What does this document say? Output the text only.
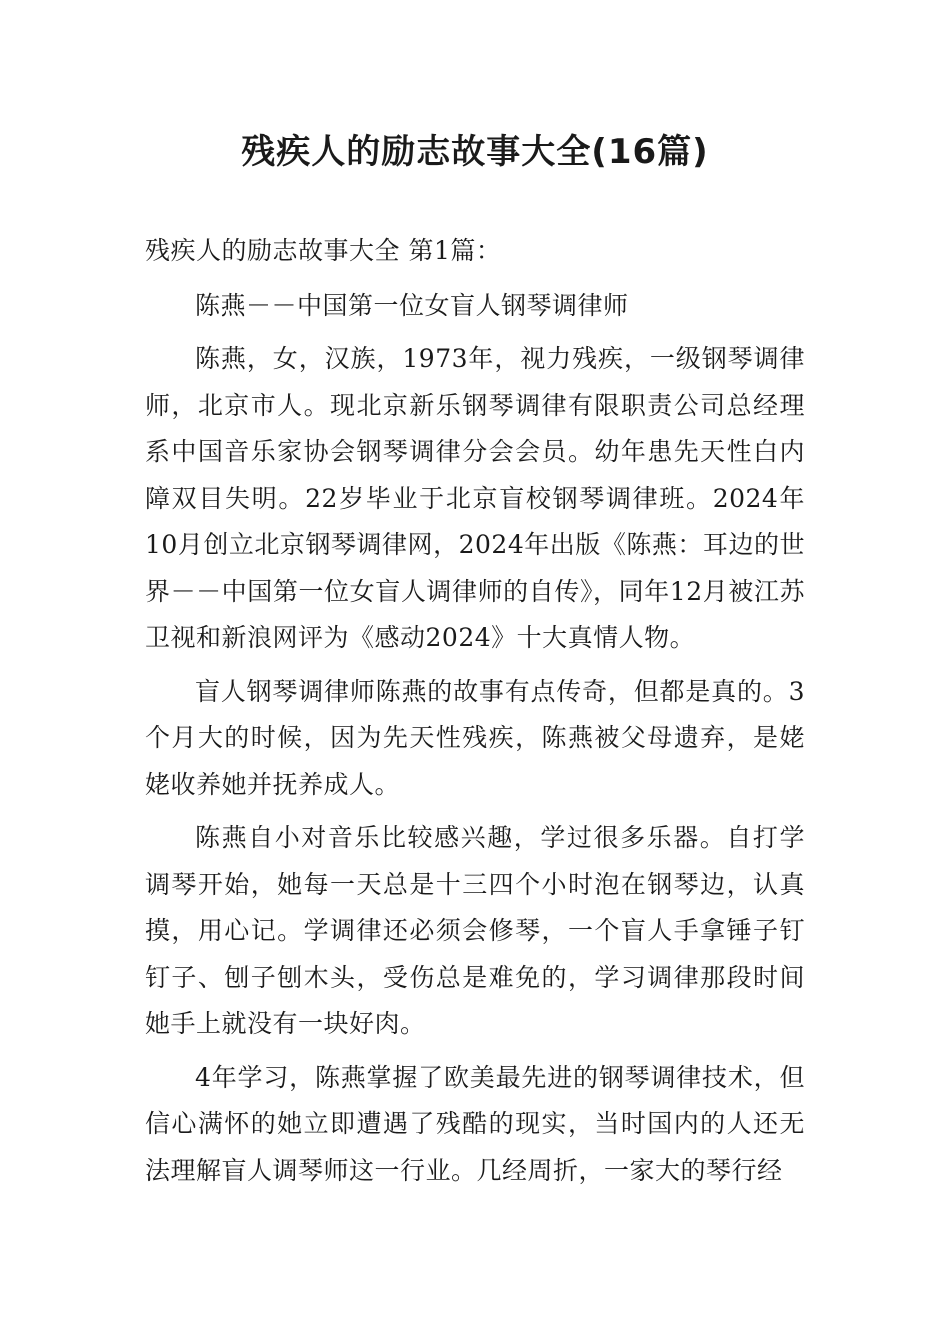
残疾人的励志故事大全(16篇)

残疾人的励志故事大全 第1篇：

陈燕－－中国第一位女盲人钢琴调律师

陈燕，女，汉族，1973年，视力残疾，一级钢琴调律师，北京市人。现北京新乐钢琴调律有限职责公司总经理系中国音乐家协会钢琴调律分会会员。幼年患先天性白内障双目失明。22岁毕业于北京盲校钢琴调律班。2024年10月创立北京钢琴调律网，2024年出版《陈燕：耳边的世界－－中国第一位女盲人调律师的自传》，同年12月被江苏卫视和新浪网评为《感动2024》十大真情人物。

盲人钢琴调律师陈燕的故事有点传奇，但都是真的。3个月大的时候，因为先天性残疾，陈燕被父母遗弃，是姥姥收养她并抚养成人。

陈燕自小对音乐比较感兴趣，学过很多乐器。自打学调琴开始，她每一天总是十三四个小时泡在钢琴边，认真摸，用心记。学调律还必须会修琴，一个盲人手拿锤子钉钉子、刨子刨木头，受伤总是难免的，学习调律那段时间她手上就没有一块好肉。

4年学习，陈燕掌握了欧美最先进的钢琴调律技术，但信心满怀的她立即遭遇了残酷的现实，当时国内的人还无法理解盲人调琴师这一行业。几经周折，一家大的琴行经
